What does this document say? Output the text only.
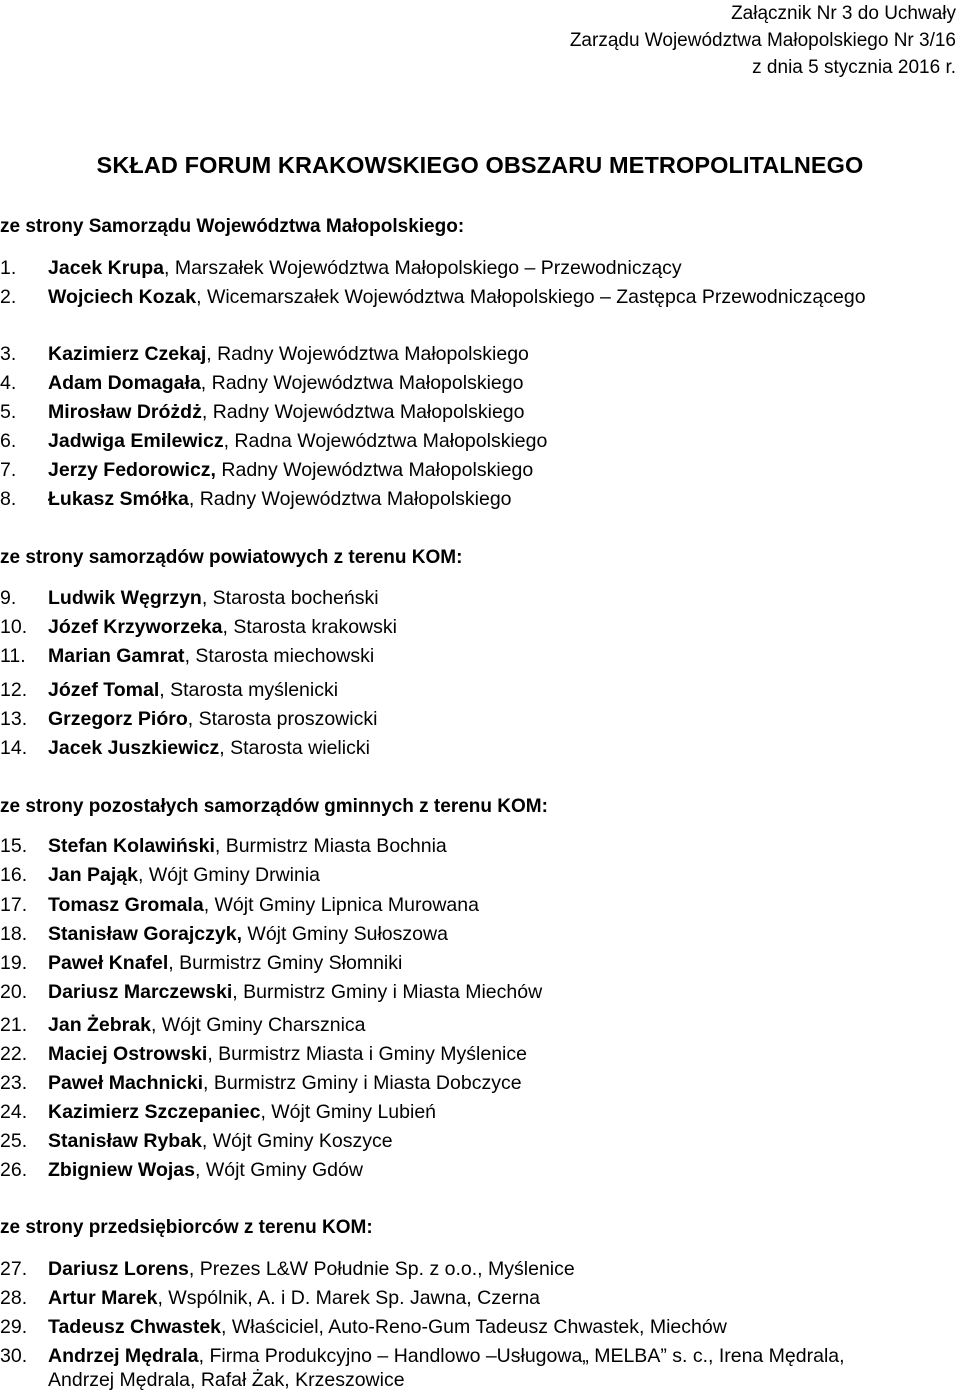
Załącznik Nr 3 do Uchwały
Zarządu Województwa Małopolskiego Nr 3/16
z dnia 5 stycznia 2016 r.
SKŁAD FORUM KRAKOWSKIEGO OBSZARU METROPOLITALNEGO
ze strony Samorządu Województwa Małopolskiego:
1. Jacek Krupa, Marszałek Województwa Małopolskiego – Przewodniczący
2. Wojciech Kozak, Wicemarszałek Województwa Małopolskiego – Zastępca Przewodniczącego
3. Kazimierz Czekaj, Radny Województwa Małopolskiego
4. Adam Domagała, Radny Województwa Małopolskiego
5. Mirosław Dróżdż, Radny Województwa Małopolskiego
6. Jadwiga Emilewicz, Radna Województwa Małopolskiego
7. Jerzy Fedorowicz, Radny Województwa Małopolskiego
8. Łukasz Smółka, Radny Województwa Małopolskiego
ze strony samorządów powiatowych z terenu KOM:
9. Ludwik Węgrzyn, Starosta bocheński
10. Józef Krzyworzeka, Starosta krakowski
11. Marian Gamrat, Starosta miechowski
12. Józef Tomal, Starosta myślenicki
13. Grzegorz Pióro, Starosta proszowicki
14. Jacek Juszkiewicz, Starosta wielicki
ze strony pozostałych samorządów gminnych z terenu KOM:
15. Stefan Kolawiński, Burmistrz Miasta Bochnia
16. Jan Pająk, Wójt Gminy Drwinia
17. Tomasz Gromala, Wójt Gminy Lipnica Murowana
18. Stanisław Gorajczyk, Wójt Gminy Sułoszowa
19. Paweł Knafel, Burmistrz Gminy Słomniki
20. Dariusz Marczewski, Burmistrz Gminy i Miasta Miechów
21. Jan Żebrak, Wójt Gminy Charsznica
22. Maciej Ostrowski, Burmistrz Miasta i Gminy Myślenice
23. Paweł Machnicki, Burmistrz Gminy i Miasta Dobczyce
24. Kazimierz Szczepaniec, Wójt Gminy Lubień
25. Stanisław Rybak, Wójt Gminy Koszyce
26. Zbigniew Wojas, Wójt Gminy Gdów
ze strony przedsiębiorców z terenu KOM:
27. Dariusz Lorens, Prezes L&W Południe Sp. z o.o., Myślenice
28. Artur Marek, Wspólnik, A. i D. Marek Sp. Jawna, Czerna
29. Tadeusz Chwastek, Właściciel, Auto-Reno-Gum Tadeusz Chwastek, Miechów
30. Andrzej Mędrala, Firma Produkcyjno – Handlowo –Usługowa„ MELBA” s. c., Irena Mędrala,
Andrzej Mędrala, Rafał Żak, Krzeszowice
